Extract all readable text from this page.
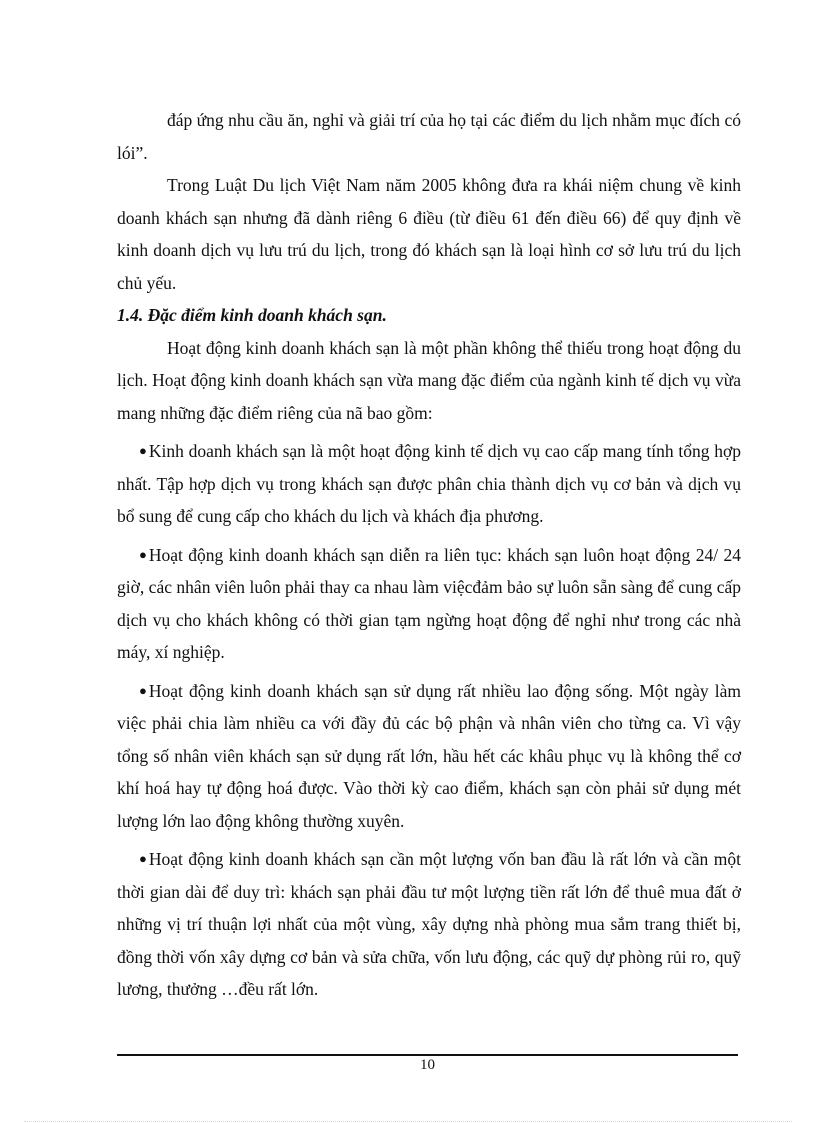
đáp ứng nhu cầu ăn, nghỉ và giải trí của họ tại các điểm du lịch nhằm mục đích có lói”.

Trong Luật Du lịch Việt Nam năm 2005 không đưa ra khái niệm chung về kinh doanh khách sạn nhưng đã dành riêng 6 điều (từ điều 61 đến điều 66) để quy định về kinh doanh dịch vụ lưu trú du lịch, trong đó khách sạn là loại hình cơ sở lưu trú du lịch chủ yếu.

1.4. Đặc điểm kinh doanh khách sạn.

Hoạt động kinh doanh khách sạn là một phần không thể thiếu trong hoạt động du lịch. Hoạt động kinh doanh khách sạn vừa mang đặc điểm của ngành kinh tế dịch vụ vừa mang những đặc điểm riêng của nã bao gồm:

● Kinh doanh khách sạn là một hoạt động kinh tế dịch vụ cao cấp mang tính tổng hợp nhất. Tập hợp dịch vụ trong khách sạn được phân chia thành dịch vụ cơ bản và dịch vụ bổ sung để cung cấp cho khách du lịch và khách địa phương.

● Hoạt động kinh doanh khách sạn diễn ra liên tục: khách sạn luôn hoạt động 24/ 24 giờ, các nhân viên luôn phải thay ca nhau làm việcđảm bảo sự luôn sẵn sàng để cung cấp dịch vụ cho khách không có thời gian tạm ngừng hoạt động để nghỉ như trong các nhà máy, xí nghiệp.

● Hoạt động kinh doanh khách sạn sử dụng rất nhiều lao động sống. Một ngày làm việc phải chia làm nhiều ca với đầy đủ các bộ phận và nhân viên cho từng ca. Vì vậy tổng số nhân viên khách sạn sử dụng rất lớn, hầu hết các khâu phục vụ là không thể cơ khí hoá hay tự động hoá được. Vào thời kỳ cao điểm, khách sạn còn phải sử dụng mét lượng lớn lao động không thường xuyên.

● Hoạt động kinh doanh khách sạn cần một lượng vốn ban đầu là rất lớn và cần một thời gian dài để duy trì: khách sạn phải đầu tư một lượng tiền rất lớn để thuê mua đất ở những vị trí thuận lợi nhất của một vùng, xây dựng nhà phòng mua sắm trang thiết bị, đồng thời vốn xây dựng cơ bản và sửa chữa, vốn lưu động, các quỹ dự phòng rủi ro, quỹ lương, thưởng …đều rất lớn.

10
